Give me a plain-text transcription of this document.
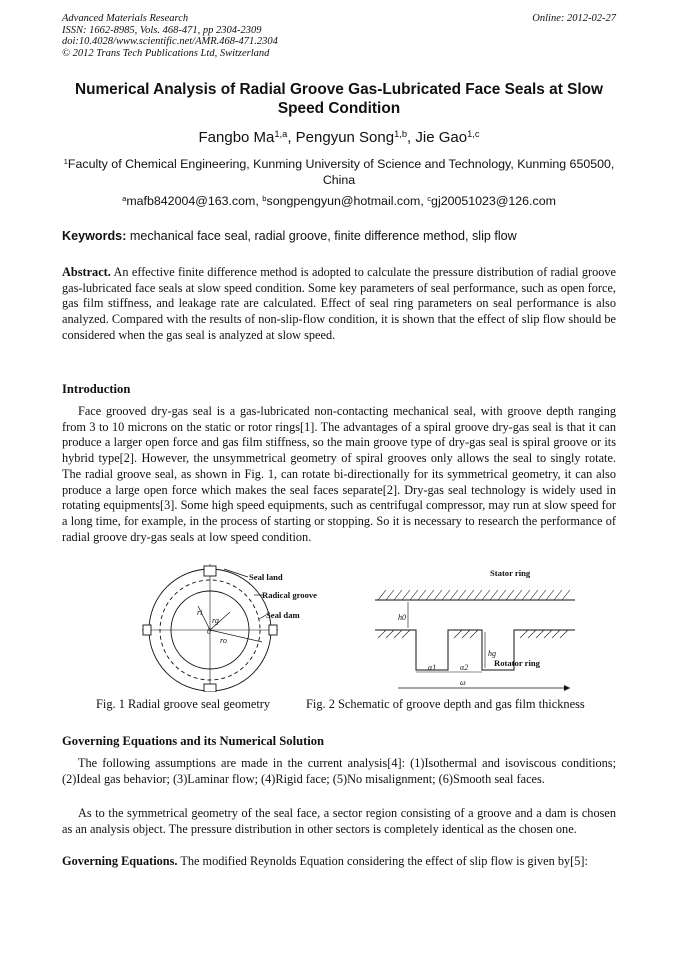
Advanced Materials Research
ISSN: 1662-8985, Vols. 468-471, pp 2304-2309
doi:10.4028/www.scientific.net/AMR.468-471.2304
© 2012 Trans Tech Publications Ltd, Switzerland
Online: 2012-02-27
Numerical Analysis of Radial Groove Gas-Lubricated Face Seals at Slow Speed Condition
Fangbo Ma$^{1,a}$, Pengyun Song$^{1,b}$, Jie Gao$^{1,c}$
$^1$Faculty of Chemical Engineering, Kunming University of Science and Technology, Kunming 650500, China
$^a$mafb842004@163.com, $^b$songpengyun@hotmail.com, $^c$gj20051023@126.com
Keywords: mechanical face seal, radial groove, finite difference method, slip flow
Abstract. An effective finite difference method is adopted to calculate the pressure distribution of radial groove gas-lubricated face seals at slow speed condition. Some key parameters of seal performance, such as open force, gas film stiffness, and leakage rate are calculated. Effect of seal ring parameters on seal performance is also analyzed. Compared with the results of non-slip-flow condition, it is shown that the effect of slip flow should be considered when the gas seal is analyzed at slow speed.
Introduction
Face grooved dry-gas seal is a gas-lubricated non-contacting mechanical seal, with groove depth ranging from 3 to 10 microns on the static or rotor rings[1]. The advantages of a spiral groove dry-gas seal is that it can produce a larger open force and gas film stiffness, so the main groove type of dry-gas seal is spiral groove or its hybrid type[2]. However, the unsymmetrical geometry of spiral grooves only allows the seal to singly rotate. The radial groove seal, as shown in Fig. 1, can rotate bi-directionally for its symmetrical geometry, it can also produce a large open force which makes the seal faces separate[2]. Dry-gas seal technology is widely used in rotating equipments[3]. Some high speed equipments, such as centrifugal compressor, may run at slow speed for a long time, for example, in the process of starting or stopping. So it is necessary to research the performance of radial groove dry-gas seals at low speed condition.
Seal land
Radical groove
Seal dam
ri
rg
θ
ro
Stator ring
Rotator ring
h0
hg
α1	α2
ω
Fig. 1 Radial groove seal geometry	Fig. 2 Schematic of groove depth and gas film thickness
Governing Equations and its Numerical Solution
The following assumptions are made in the current analysis[4]: (1)Isothermal and isoviscous conditions; (2)Ideal gas behavior; (3)Laminar flow; (4)Rigid face; (5)No misalignment; (6)Smooth seal faces.
As to the symmetrical geometry of the seal face, a sector region consisting of a groove and a dam is chosen as an analysis object. The pressure distribution in other sectors is completely identical as the chosen one.
Governing Equations. The modified Reynolds Equation considering the effect of slip flow is given by[5]:
